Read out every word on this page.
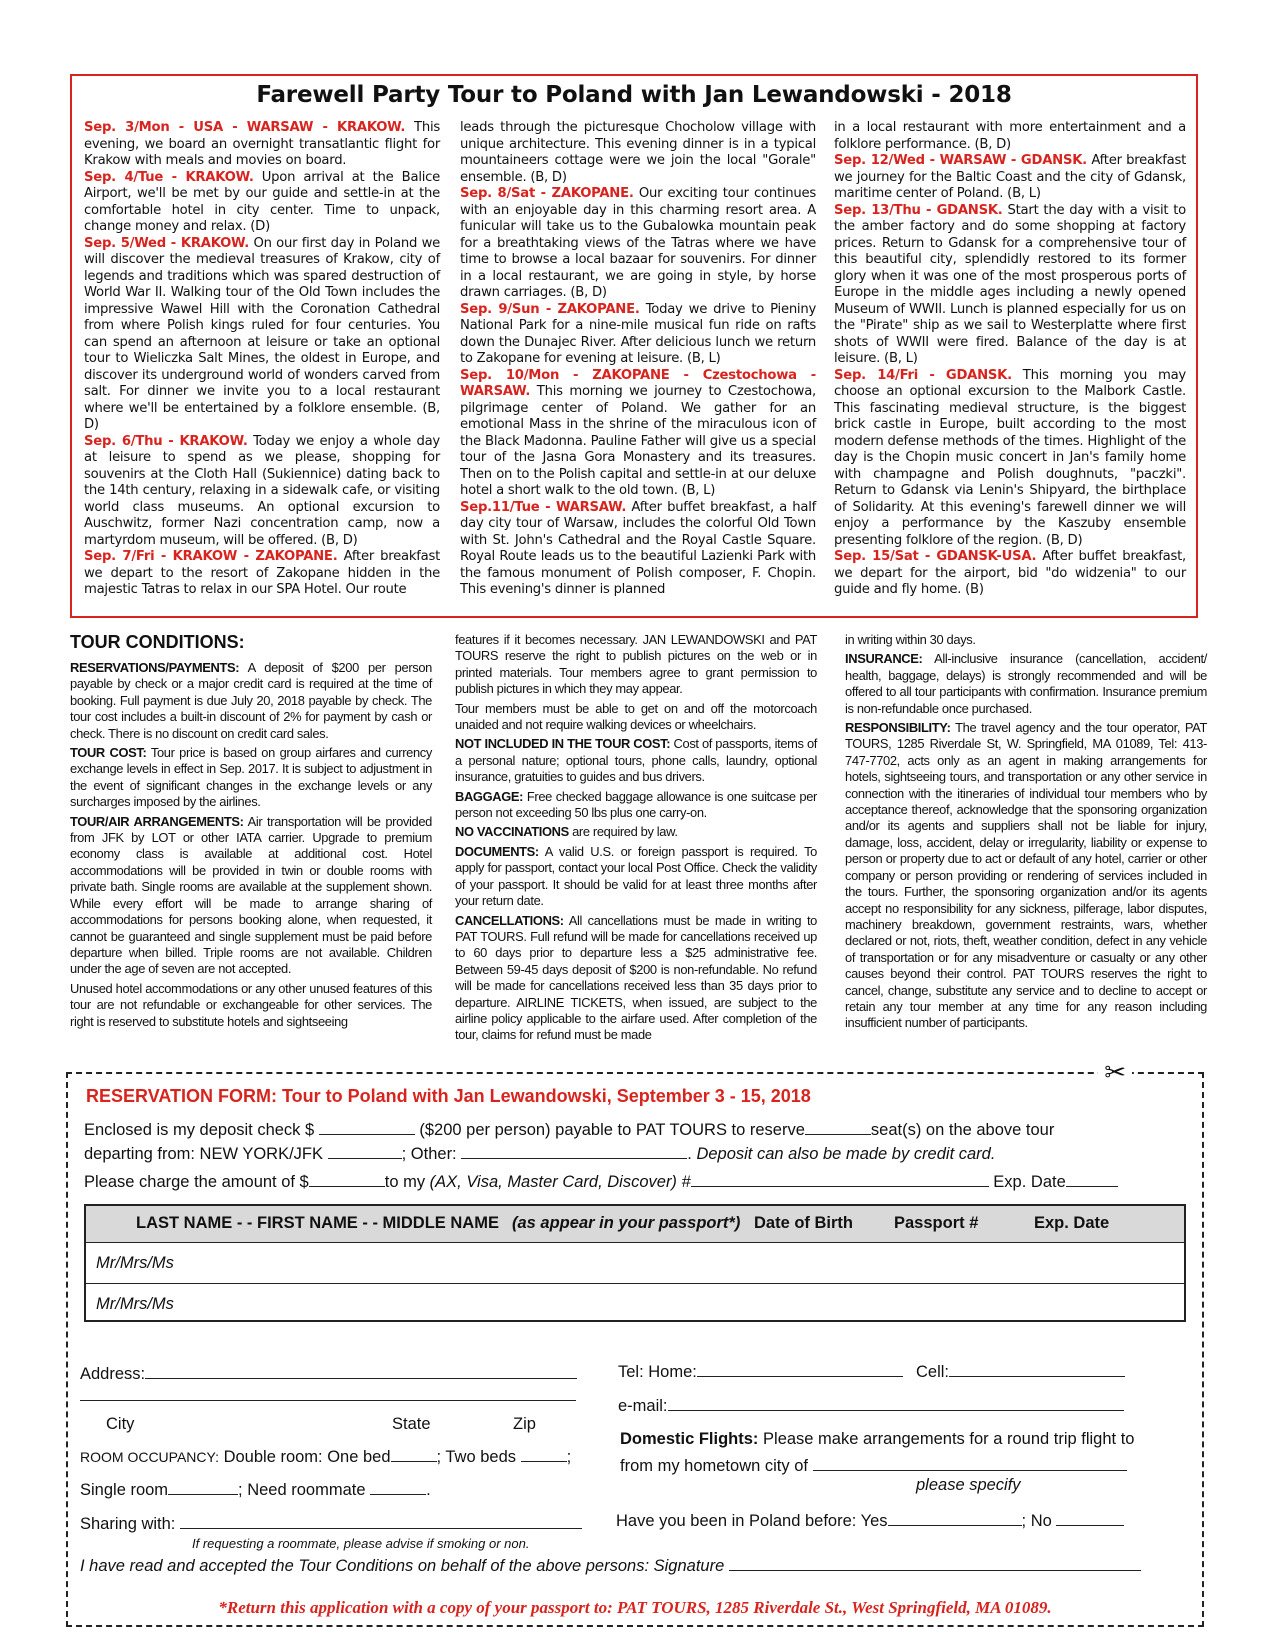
Farewell Party Tour to Poland with Jan Lewandowski - 2018

Sep. 3/Mon - USA - WARSAW - KRAKOW. This evening, we board an overnight transatlantic flight for Krakow with meals and movies on board.

Sep. 4/Tue - KRAKOW. Upon arrival at the Balice Airport, we'll be met by our guide and settle-in at the comfortable hotel in city center. Time to unpack, change money and relax. (D)

Sep. 5/Wed - KRAKOW. On our first day in Poland we will discover the medieval treasures of Krakow, city of legends and traditions which was spared destruction of World War II. Walking tour of the Old Town includes the impressive Wawel Hill with the Coronation Cathedral from where Polish kings ruled for four centuries. You can spend an afternoon at leisure or take an optional tour to Wieliczka Salt Mines, the oldest in Europe, and discover its underground world of wonders carved from salt. For dinner we invite you to a local restaurant where we'll be entertained by a folklore ensemble. (B, D)

Sep. 6/Thu - KRAKOW. Today we enjoy a whole day at leisure to spend as we please, shopping for souvenirs at the Cloth Hall (Sukiennice) dating back to the 14th century, relaxing in a sidewalk cafe, or visiting world class museums. An optional excursion to Auschwitz, former Nazi concentration camp, now a martyrdom museum, will be offered. (B, D)

Sep. 7/Fri - KRAKOW - ZAKOPANE. After breakfast we depart to the resort of Zakopane hidden in the majestic Tatras to relax in our SPA Hotel. Our route

leads through the picturesque Chocholow village with unique architecture. This evening dinner is in a typical mountaineers cottage were we join the local "Gorale" ensemble. (B, D)

Sep. 8/Sat - ZAKOPANE. Our exciting tour continues with an enjoyable day in this charming resort area. A funicular will take us to the Gubalowka mountain peak for a breathtaking views of the Tatras where we have time to browse a local bazaar for souvenirs. For dinner in a local restaurant, we are going in style, by horse drawn carriages. (B, D)

Sep. 9/Sun - ZAKOPANE. Today we drive to Pieniny National Park for a nine-mile musical fun ride on rafts down the Dunajec River. After delicious lunch we return to Zakopane for evening at leisure. (B, L)

Sep. 10/Mon - ZAKOPANE - Czestochowa - WARSAW. This morning we journey to Czestochowa, pilgrimage center of Poland. We gather for an emotional Mass in the shrine of the miraculous icon of the Black Madonna. Pauline Father will give us a special tour of the Jasna Gora Monastery and its treasures. Then on to the Polish capital and settle-in at our deluxe hotel a short walk to the old town. (B, L)

Sep.11/Tue - WARSAW. After buffet breakfast, a half day city tour of Warsaw, includes the colorful Old Town with St. John's Cathedral and the Royal Castle Square. Royal Route leads us to the beautiful Lazienki Park with the famous monument of Polish composer, F. Chopin. This evening's dinner is planned

in a local restaurant with more entertainment and a folklore performance. (B, D)

Sep. 12/Wed - WARSAW - GDANSK. After breakfast we journey for the Baltic Coast and the city of Gdansk, maritime center of Poland. (B, L)

Sep. 13/Thu - GDANSK. Start the day with a visit to the amber factory and do some shopping at factory prices. Return to Gdansk for a comprehensive tour of this beautiful city, splendidly restored to its former glory when it was one of the most prosperous ports of Europe in the middle ages including a newly opened Museum of WWII. Lunch is planned especially for us on the "Pirate" ship as we sail to Westerplatte where first shots of WWII were fired. Balance of the day is at leisure. (B, L)

Sep. 14/Fri - GDANSK. This morning you may choose an optional excursion to the Malbork Castle. This fascinating medieval structure, is the biggest brick castle in Europe, built according to the most modern defense methods of the times. Highlight of the day is the Chopin music concert in Jan's family home with champagne and Polish doughnuts, "paczki". Return to Gdansk via Lenin's Shipyard, the birthplace of Solidarity. At this evening's farewell dinner we will enjoy a performance by the Kaszuby ensemble presenting folklore of the region. (B, D)

Sep. 15/Sat - GDANSK-USA. After buffet breakfast, we depart for the airport, bid "do widzenia" to our guide and fly home. (B)

TOUR CONDITIONS:

RESERVATIONS/PAYMENTS: A deposit of $200 per person payable by check or a major credit card is required at the time of booking. Full payment is due July 20, 2018 payable by check. The tour cost includes a built-in discount of 2% for payment by cash or check. There is no discount on credit card sales.

TOUR COST: Tour price is based on group airfares and currency exchange levels in effect in Sep. 2017. It is subject to adjustment in the event of significant changes in the exchange levels or any surcharges imposed by the airlines.

TOUR/AIR ARRANGEMENTS: Air transportation will be provided from JFK by LOT or other IATA carrier. Upgrade to premium economy class is available at additional cost. Hotel accommodations will be provided in twin or double rooms with private bath. Single rooms are available at the supplement shown. While every effort will be made to arrange sharing of accommodations for persons booking alone, when requested, it cannot be guaranteed and single supplement must be paid before departure when billed. Triple rooms are not available. Children under the age of seven are not accepted.

Unused hotel accommodations or any other unused features of this tour are not refundable or exchangeable for other services. The right is reserved to substitute hotels and sightseeing

features if it becomes necessary. JAN LEWANDOWSKI and PAT TOURS reserve the right to publish pictures on the web or in printed materials. Tour members agree to grant permission to publish pictures in which they may appear.

Tour members must be able to get on and off the motorcoach unaided and not require walking devices or wheelchairs.

NOT INCLUDED IN THE TOUR COST: Cost of passports, items of a personal nature; optional tours, phone calls, laundry, optional insurance, gratuities to guides and bus drivers.

BAGGAGE: Free checked baggage allowance is one suitcase per person not exceeding 50 lbs plus one carry-on.

NO VACCINATIONS are required by law.

DOCUMENTS: A valid U.S. or foreign passport is required. To apply for passport, contact your local Post Office. Check the validity of your passport. It should be valid for at least three months after your return date.

CANCELLATIONS: All cancellations must be made in writing to PAT TOURS. Full refund will be made for cancellations received up to 60 days prior to departure less a $25 administrative fee. Between 59-45 days deposit of $200 is non-refundable. No refund will be made for cancellations received less than 35 days prior to departure. AIRLINE TICKETS, when issued, are subject to the airline policy applicable to the airfare used. After completion of the tour, claims for refund must be made

in writing within 30 days.

INSURANCE: All-inclusive insurance (cancellation, accident/ health, baggage, delays) is strongly recommended and will be offered to all tour participants with confirmation. Insurance premium is non-refundable once purchased.

RESPONSIBILITY: The travel agency and the tour operator, PAT TOURS, 1285 Riverdale St, W. Springfield, MA 01089, Tel: 413-747-7702, acts only as an agent in making arrangements for hotels, sightseeing tours, and transportation or any other service in connection with the itineraries of individual tour members who by acceptance thereof, acknowledge that the sponsoring organization and/or its agents and suppliers shall not be liable for injury, damage, loss, accident, delay or irregularity, liability or expense to person or property due to act or default of any hotel, carrier or other company or person providing or rendering of services included in the tours. Further, the sponsoring organization and/or its agents accept no responsibility for any sickness, pilferage, labor disputes, machinery breakdown, government restraints, wars, whether declared or not, riots, theft, weather condition, defect in any vehicle of transportation or for any misadventure or casualty or any other causes beyond their control. PAT TOURS reserves the right to cancel, change, substitute any service and to decline to accept or retain any tour member at any time for any reason including insufficient number of participants.

✂
RESERVATION FORM: Tour to Poland with Jan Lewandowski, September 3 - 15, 2018
Enclosed is my deposit check $	($200 per person) payable to PAT TOURS to reserve	seat(s) on the above tour
departing from: NEW YORK/JFK	; Other:	. Deposit can also be made by credit card.
Please charge the amount of $	to my (AX, Visa, Master Card, Discover) #	Exp. Date
LAST NAME - - FIRST NAME - - MIDDLE NAME (as appear in your passport*) Date of Birth Passport #	Exp. Date
Mr/Mrs/Ms
Mr/Mrs/Ms
Address:
City	State	Zip
ROOM OCCUPANCY: Double room: One bed	; Two beds	;
Single room	; Need roommate	.
Sharing with:
If requesting a roommate, please advise if smoking or non.
Tel: Home:	Cell:
e-mail:
Domestic Flights: Please make arrangements for a round trip flight to
from my hometown city of
please specify
Have you been in Poland before: Yes	; No
I have read and accepted the Tour Conditions on behalf of the above persons: Signature
*Return this application with a copy of your passport to: PAT TOURS, 1285 Riverdale St., West Springfield, MA 01089.
